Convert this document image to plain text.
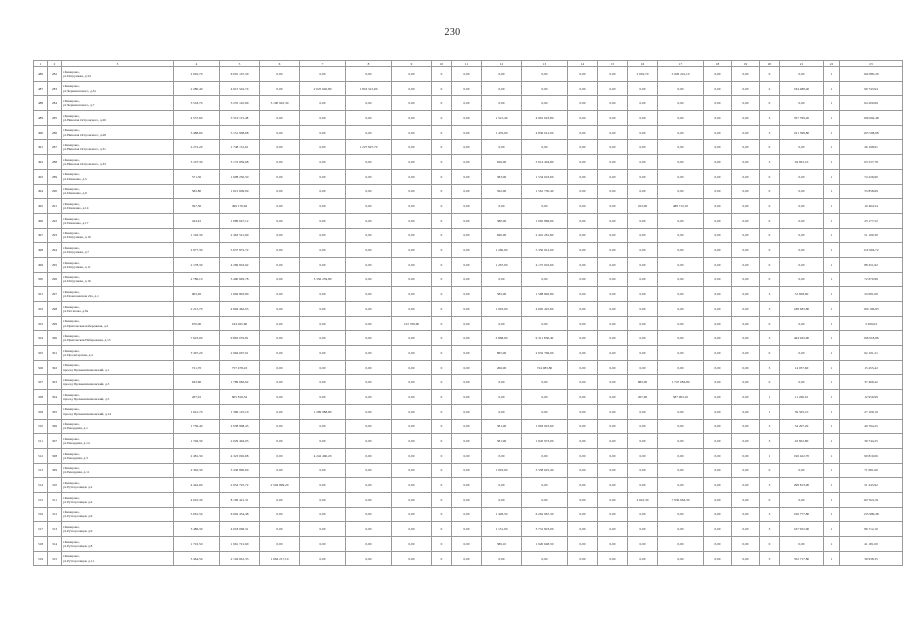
230
1	2	3	4	5	6	7	8	9	10	11	12	13	14	15	16	17	18	19	20	21	22	23
486	282	г.Кемерово,
ул.Патрушева, д.34	2 002,70	6 091 107,30	0,00	0,00	0,00	0,00	0	0,00	0,00	0,00	0,00	0,00	2 002,70	5 926 222,10	0,00	0,00	0	0,00	1	164 885,20
487	283	г.Кемерово,
ул.Черняховского, д.3а	2 280,40	4 615 542,74	0,00	2 025 640,80	1 816 521,60	0,00	0	0,00	0,00	0,00	0,00	0,00	0,00	0,00	0,00	0,00	2	184 488,40	1	90 743,94
488	284	г.Кемерово,
ул.Черняховского, д.7	3 518,70	3 255 145,99	3 190 945,30	0,00	0,00	0,00	0	0,00	0,00	0,00	0,00	0,00	0,00	0,00	0,00	0,00	0	0,00	1	64 200,69
489	285	г.Кемерово,
ул.Николая Островского, д.26	4 537,60	5 519 115,48	0,00	0,00	0,00	0,00	0	0,00	1 521,40	4 961 623,80	0,00	0,00	0,00	0,00	0,00	0,00	3	357 799,20	1	199 692,48
490	286	г.Кемерово,
ул.Николая Островского, д.28	3 488,60	5 151 908,68	0,00	0,00	0,00	0,00	0	0,00	1 476,00	4 836 012,00	0,00	0,00	0,00	0,00	0,00	0,00	3	221 398,80	1	103 508,68
491	287	г.Кемерово,
ул.Николая Островского, д.31	2 272,20	1 748 131,61	0,00	0,00	1 227 847,70	0,00	0	0,00	0,00	0,00	0,00	0,00	0,00	0,00	0,00	0,00	0	0,00	1	26 198,91
492	288	г.Кемерово,
ул.Николая Островского, д.33	3 107,30	3 172 859,68	0,00	0,00	0,00	0,00	0	0,00	926,00	3 014 494,80	0,00	0,00	0,00	0,00	0,00	0,00	3	94 825,10	1	63 537,78
493	289	г.Кемерово,
ул.Павленко, д.5	571,50	1 608 250,50	0,00	0,00	0,00	0,00	0	0,00	583,00	1 534 023,60	0,00	0,00	0,00	0,00	0,00	0,00	0	0,00	1	74 226,90
494	290	г.Кемерово,
ул.Павленко, д.9	582,80	1 615 609,09	0,00	0,00	0,00	0,00	0	0,00	592,00	1 561 750,40	0,00	0,00	0,00	0,00	0,00	0,00	0	0,00	1	53 858,69
495	291	г.Кемерово,
ул.Павленко, д.14	597,30	499 176,64	0,00	0,00	0,00	0,00	0	0,00	0,00	0,00	0,00	0,00	252,00	488 712,10	0,00	0,00	0	0,00	1	10 464,54
496	292	г.Кемерово,
ул.Павленко, д.17	434,61	1 089 047,12	0,00	0,00	0,00	0,00	0	0,00	380,00	1 065 869,60	0,00	0,00	0,00	0,00	0,00	0,00	0	0,00	1	23 177,52
497	293	г.Кемерово,
ул.Патрушева, д.16	1 102,30	2 463 521,99	0,00	0,00	0,00	0,00	0	0,00	840,00	2 410 261,80	0,00	0,00	0,00	0,00	0,00	0,00	0	0,00	1	51 190,30
498	294	г.Кемерово,
ул.Патрушева, д.7	2 977,30	5 637 872,72	0,00	0,00	0,00	0,00	0	0,00	1 260,00	5 350 912,00	0,00	0,00	0,00	0,00	0,00	0,00	0	0,00	1	116 904,72
499	295	г.Кемерово,
ул.Патрушева, д.11	2 178,30	4 269 816,92	0,00	0,00	0,00	0,00	0	0,00	1 267,00	4 175 919,60	0,00	0,00	0,00	0,00	0,00	0,00	0	0,00	1	88 451,92
500	296	г.Кемерово,
ул.Патрушева, д.16	2 786,10	3 460 829,78	0,00	3 356 239,80	0,00	0,00	0	0,00	0,00	0,00	0,00	0,00	0,00	0,00	0,00	0,00	0	0,00	1	72 670,98
501	297	г.Кемерово,
ул.Пожезаевская 22а, д.1	963,20	1 664 893,80	0,00	0,00	0,00	0,00	0	0,00	585,00	1 598 840,80	0,00	0,00	0,00	0,00	0,00	0,00	3	31 828,60	1	34 081,69
502	298	г.Кемерово,
ул.Потапова, д.8а	2 215,70	4 894 462,03	0,00	0,00	0,00	0,00	0	0,00	1 093,00	4 605 425,60	0,00	0,00	0,00	0,00	0,00	0,00	3	188 483,80	1	100 196,83
503	299	г.Кемерово,
ул.Притомская набережная, д.2	670,00	164 925,60	0,00	0,00	0,00	152 769,90	0	0,00	0,00	0,00	0,00	0,00	0,00	0,00	0,00	0,00	0	0,00	1	3 269,04
504	300	г.Кемерово,
ул.Притомская Набережная, д.13	7 623,00	9 863 076,81	0,00	0,00	0,00	0,00	0	0,00	2 868,00	9 311 836,40	0,00	0,00	0,00	0,00	0,00	0,00	3	464 943,90	1	196 918,86
505	301	г.Кемерово,
ул.Пролетарская, д.2	3 397,20	2 994 007,01	0,00	0,00	0,00	0,00	0	0,00	865,00	2 932 766,00	0,00	0,00	0,00	0,00	0,00	0,00	0	0,00	1	62 191,21
506	302	г.Кемерово,
проезд Промышленновский, д.1	721,70	757 478,43	0,00	0,00	0,00	0,00	0	0,00	266,00	724 083,80	0,00	0,00	0,00	0,00	0,00	0,00	3	14 057,60	1	15 455,42
507	303	г.Кемерово,
проезд Промышленновский, д.3	943,60	1 789 682,62	0,00	0,00	0,00	0,00	0	0,00	0,00	0,00	0,00	0,00	882,00	1 747 084,80	0,00	0,00	0	0,00	1	37 466,42
508	304	г.Кемерово,
проезд Промышленновский, д.5	267,91	605 816,54	0,00	0,00	0,00	0,00	0	0,00	0,00	0,00	0,00	0,00	267,00	587 903,10	0,00	0,00	1	11 296,01	1	12 956,99
509	305	г.Кемерово,
проезд Промышленновский, д.14	1 641,70	1 366 125,19	0,00	1 269 988,80	0,00	0,00	0	0,00	0,00	0,00	0,00	0,00	0,00	0,00	0,00	0,00	1	59 565,10	1	27 109,19
510	306	г.Кемерово,
ул.Рекордная, д.1	1 736,40	2 038 998,45	0,00	0,00	0,00	0,00	0	0,00	581,00	1 963 923,60	0,00	0,00	0,00	0,00	0,00	0,00	3	34 297,20	1	40 794,25
511	307	г.Кемерово,
ул.Рекордная, д.14	1 746,30	2 029 494,05	0,00	0,00	0,00	0,00	0	0,00	581,00	1 945 973,00	0,00	0,00	0,00	0,00	0,00	0,00	3	43 822,80	1	39 744,25
512	308	г.Кемерово,
ул.Рекордная, д.3	2 481,30	4 323 092,68	0,00	4 242 460,20	0,00	0,00	0	0,00	0,00	0,00	0,00	0,00	0,00	0,00	0,00	0,00	1	190 422,70	1	90 810,06
513	309	г.Кемерово,
ул.Рекордная, д.11	2 392,30	3 436 800,00	0,00	0,00	0,00	0,00	0	0,00	1 093,00	3 358 025,40	0,00	0,00	0,00	0,00	0,00	0,00	0	0,00	1	71 681,60
514	310	г.Кемерово,
ул.Рутгерсовцев, д.2	4 442,00	2 654 725,72	2 594 899,20	0,00	0,00	0,00	0	0,00	0,00	0,00	0,00	0,00	0,00	0,00	0,00	0,00	3	298 813,90	1	51 245,92
515	311	г.Кемерово,
ул.Рутгерсовцев, д.4	4 022,30	8 109 421,31	0,00	0,00	0,00	0,00	0	0,00	0,00	0,00	0,00	0,00	4 622,30	7 936 064,30	0,00	0,00	0	0,00	1	167 821,91
516	312	г.Кемерово,
ул.Рутгерсовцев, д.6	5 061,50	6 902 454,48	0,00	0,00	0,00	0,00	0	0,00	1 428,50	6 262 967,30	0,00	0,00	0,00	0,00	0,00	0,00	3	166 777,80	1	133 989,48
517	313	г.Кемерово,
ул.Рутгерсовцев, д.9	3 486,30	4 018 096,31	0,00	0,00	0,00	0,00	0	0,00	1 151,00	3 731 823,00	0,00	0,00	0,00	0,00	0,00	0,00	3	167 952,90	1	86 712,10
518	314	г.Кемерово,
ул.Рутгерсовцев, д.8	1 710,50	1 961 721,60	0,00	0,00	0,00	0,00	0	0,00	586,10	1 920 648,30	0,00	0,00	0,00	0,00	0,00	0,00	0	0,00	1	41 181,00
519	315	г.Кемерово,
ул.Рутгерсовцев, д.11	3 464,50	2 104 661,35	1 664 217,10	0,00	0,00	0,00	0	0,00	0,00	0,00	0,00	0,00	0,00	0,00	0,00	0,00	3	352 717,80	1	39 938,35
